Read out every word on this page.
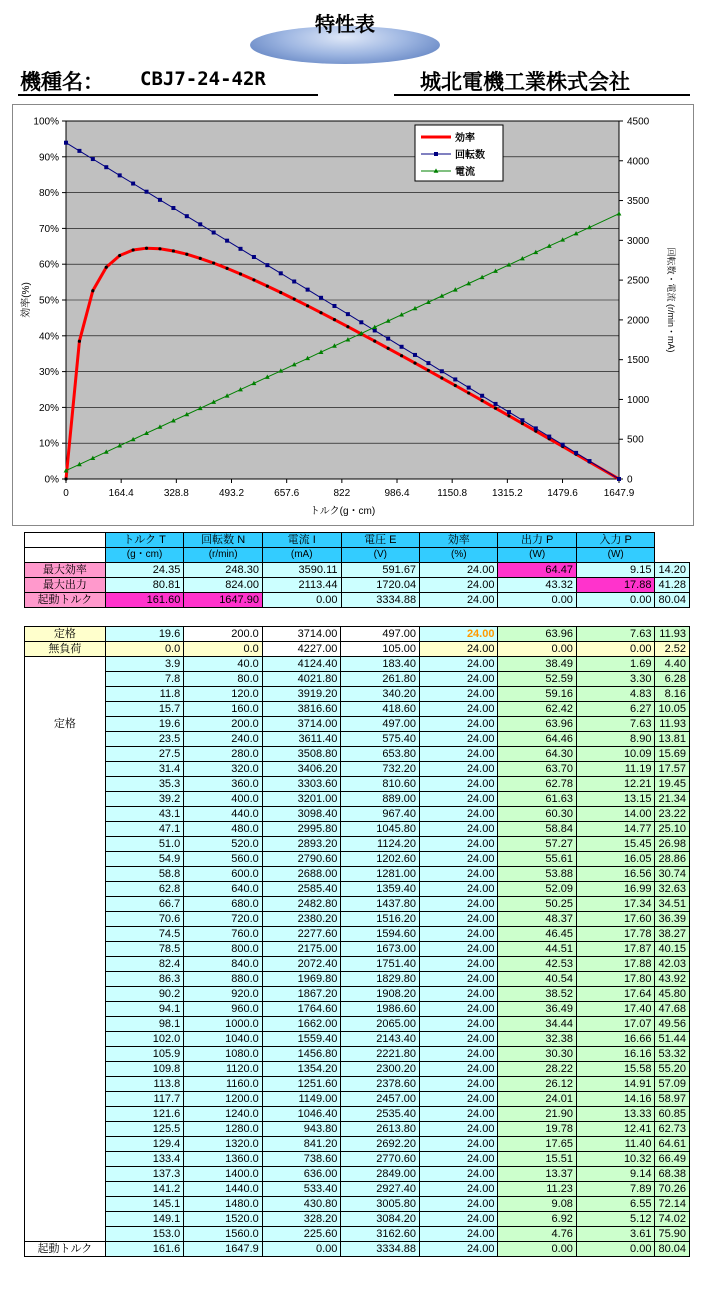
特性表
機種名： CBJ7-24-42R	城北電機工業株式会社
0%
10%
20%
30%
40%
50%
60%
70%
80%
90%
100%
0
500
1000
1500
2000
2500
3000
3500
4000
4500
0	164.4	328.8	493.2	657.6	822	986.4	1150.8 1315.2 1479.6	1647.9
トルク(g・cm)
効率(%)	回転数・電流 (r/min・mA)
効率
回転数
電流
	トルク T	回転数 N	電流 I	電圧 E	効率	出力 P	入力 P	
	(g・cm)	(r/min)	(mA)	(V)	(%)	(W)	(W)	
最大効率	24.35	248.30	3590.11	591.67	24.00	64.47	9.15	14.20
最大出力	80.81	824.00	2113.44	1720.04	24.00	43.32	17.88	41.28
起動トルク	161.60	1647.90	0.00	3334.88	24.00	0.00	0.00	80.04
定格	19.6	200.0	3714.00	497.00	24.00	63.96	7.63	11.93
無負荷	0.0	0.0	4227.00	105.00	24.00	0.00	0.00	2.52
	3.9	40.0	4124.40	183.40	24.00	38.49	1.69	4.40
	7.8	80.0	4021.80	261.80	24.00	52.59	3.30	6.28
	11.8	120.0	3919.20	340.20	24.00	59.16	4.83	8.16
	15.7	160.0	3816.60	418.60	24.00	62.42	6.27	10.05
定格	19.6	200.0	3714.00	497.00	24.00	63.96	7.63	11.93
	23.5	240.0	3611.40	575.40	24.00	64.46	8.90	13.81
	27.5	280.0	3508.80	653.80	24.00	64.30	10.09	15.69
	31.4	320.0	3406.20	732.20	24.00	63.70	11.19	17.57
	35.3	360.0	3303.60	810.60	24.00	62.78	12.21	19.45
	39.2	400.0	3201.00	889.00	24.00	61.63	13.15	21.34
	43.1	440.0	3098.40	967.40	24.00	60.30	14.00	23.22
	47.1	480.0	2995.80	1045.80	24.00	58.84	14.77	25.10
	51.0	520.0	2893.20	1124.20	24.00	57.27	15.45	26.98
	54.9	560.0	2790.60	1202.60	24.00	55.61	16.05	28.86
	58.8	600.0	2688.00	1281.00	24.00	53.88	16.56	30.74
	62.8	640.0	2585.40	1359.40	24.00	52.09	16.99	32.63
	66.7	680.0	2482.80	1437.80	24.00	50.25	17.34	34.51
	70.6	720.0	2380.20	1516.20	24.00	48.37	17.60	36.39
	74.5	760.0	2277.60	1594.60	24.00	46.45	17.78	38.27
	78.5	800.0	2175.00	1673.00	24.00	44.51	17.87	40.15
	82.4	840.0	2072.40	1751.40	24.00	42.53	17.88	42.03
	86.3	880.0	1969.80	1829.80	24.00	40.54	17.80	43.92
	90.2	920.0	1867.20	1908.20	24.00	38.52	17.64	45.80
	94.1	960.0	1764.60	1986.60	24.00	36.49	17.40	47.68
	98.1	1000.0	1662.00	2065.00	24.00	34.44	17.07	49.56
	102.0	1040.0	1559.40	2143.40	24.00	32.38	16.66	51.44
	105.9	1080.0	1456.80	2221.80	24.00	30.30	16.16	53.32
	109.8	1120.0	1354.20	2300.20	24.00	28.22	15.58	55.20
	113.8	1160.0	1251.60	2378.60	24.00	26.12	14.91	57.09
	117.7	1200.0	1149.00	2457.00	24.00	24.01	14.16	58.97
	121.6	1240.0	1046.40	2535.40	24.00	21.90	13.33	60.85
	125.5	1280.0	943.80	2613.80	24.00	19.78	12.41	62.73
	129.4	1320.0	841.20	2692.20	24.00	17.65	11.40	64.61
	133.4	1360.0	738.60	2770.60	24.00	15.51	10.32	66.49
	137.3	1400.0	636.00	2849.00	24.00	13.37	9.14	68.38
	141.2	1440.0	533.40	2927.40	24.00	11.23	7.89	70.26
	145.1	1480.0	430.80	3005.80	24.00	9.08	6.55	72.14
	149.1	1520.0	328.20	3084.20	24.00	6.92	5.12	74.02
	153.0	1560.0	225.60	3162.60	24.00	4.76	3.61	75.90
起動トルク	161.6	1647.9	0.00	3334.88	24.00	0.00	0.00	80.04
